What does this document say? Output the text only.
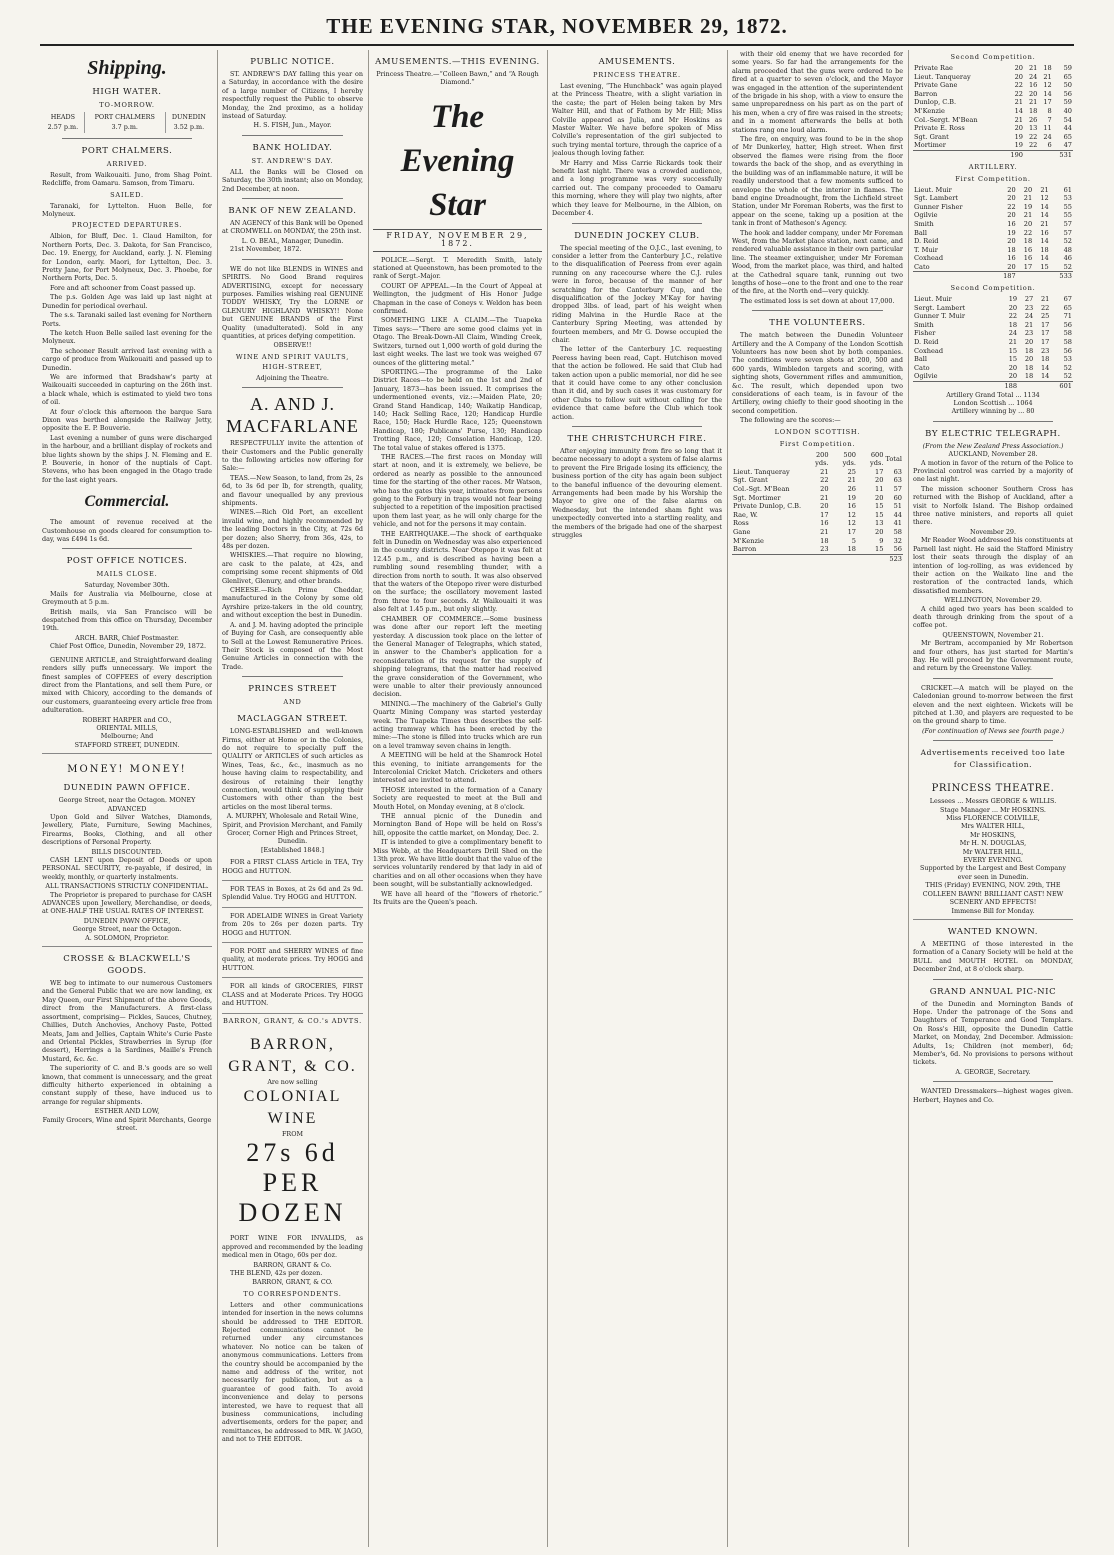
THE EVENING STAR, NOVEMBER 29, 1872.
Shipping.
HIGH WATER.
TO-MORROW.
HEADS	PORT CHALMERS	DUNEDIN
2.57 p.m.	3.7 p.m.	3.52 p.m.
PORT CHALMERS.
ARRIVED.

Result, from Waikouaiti. Juno, from Shag Point. Redcliffe, from Oamaru. Samson, from Timaru.

SAILED.

Taranaki, for Lyttelton. Huon Belle, for Molyneux.

PROJECTED DEPARTURES.

Albion, for Bluff, Dec. 1. Claud Hamilton, for Northern Ports, Dec. 3. Dakota, for San Francisco, Dec. 19. Energy, for Auckland, early. J. N. Fleming for London, early. Maori, for Lyttelton, Dec. 3. Pretty Jane, for Port Molyneux, Dec. 3. Phoebe, for Northern Ports, Dec. 5.

Fore and aft schooner from Coast passed up.

The p.s. Golden Age was laid up last night at Dunedin for periodical overhaul.

The s.s. Taranaki sailed last evening for Northern Ports.

The ketch Huon Belle sailed last evening for the Molyneux.

The schooner Result arrived last evening with a cargo of produce from Waikouaiti and passed up to Dunedin.

We are informed that Bradshaw's party at Waikouaiti succeeded in capturing on the 26th inst. a black whale, which is estimated to yield two tons of oil.

At four o'clock this afternoon the barque Sara Dixon was berthed alongside the Railway Jetty, opposite the E. P. Bouverie.

Last evening a number of guns were discharged in the harbour, and a brilliant display of rockets and blue lights shown by the ships J. N. Fleming and E. P. Bouverie, in honor of the nuptials of Capt. Stevens, who has been engaged in the Otago trade for the last eight years.

Commercial.

The amount of revenue received at the Customhouse on goods cleared for consumption to-day, was £494 1s 6d.

POST OFFICE NOTICES.
MAILS CLOSE.

Saturday, November 30th.

Mails for Australia via Melbourne, close at Greymouth at 5 p.m.

British mails, via San Francisco will be despatched from this office on Thursday, December 19th.

ARCH. BARR, Chief Postmaster.

Chief Post Office, Dunedin, November 29, 1872.

GENUINE ARTICLE, and Straightforward dealing renders silly puffs unnecessary. We import the finest samples of COFFEES of every description direct from the Plantations, and sell them Pure, or mixed with Chicory, according to the demands of our customers, guaranteeing every article free from adulteration.

ROBERT HARPER and CO.,

ORIENTAL MILLS,

Melbourne; And

STAFFORD STREET, DUNEDIN.

MONEY! MONEY!
DUNEDIN PAWN OFFICE.

George Street, near the Octagon. MONEY ADVANCED

Upon Gold and Silver Watches, Diamonds, Jewellery, Plate, Furniture, Sewing Machines, Firearms, Books, Clothing, and all other descriptions of Personal Property.

BILLS DISCOUNTED.

CASH LENT upon Deposit of Deeds or upon PERSONAL SECURITY, re-payable, if desired, in weekly, monthly, or quarterly instalments.

ALL TRANSACTIONS STRICTLY CONFIDENTIAL.

The Proprietor is prepared to purchase for CASH ADVANCES upon Jewellery, Merchandise, or deeds, at ONE-HALF THE USUAL RATES OF INTEREST.

DUNEDIN PAWN OFFICE,

George Street, near the Octagon.

A. SOLOMON, Proprietor.

CROSSE & BLACKWELL'S GOODS.

WE beg to intimate to our numerous Customers and the General Public that we are now landing, ex May Queen, our First Shipment of the above Goods, direct from the Manufacturers. A first-class assortment, comprising— Pickles, Sauces, Chutney, Chillies, Dutch Anchovies, Anchovy Paste, Potted Meats, Jam and Jellies, Captain White's Curie Paste and Oriental Pickles, Strawberries in Syrup (for dessert), Herrings a la Sardines, Maille's French Mustard, &c. &c.

The superiority of C. and B.'s goods are so well known, that comment is unnecessary, and the great difficulty hitherto experienced in obtaining a constant supply of these, have induced us to arrange for regular shipments.

ESTHER AND LOW,

Family Grocers, Wine and Spirit Merchants, George street.

PUBLIC NOTICE.

ST. ANDREW'S DAY falling this year on a Saturday, in accordance with the desire of a large number of Citizens, I hereby respectfully request the Public to observe Monday, the 2nd proximo, as a holiday instead of Saturday.

H. S. FISH, Jun., Mayor.

BANK HOLIDAY.
ST. ANDREW'S DAY.

ALL the Banks will be Closed on Saturday, the 30th instant; also on Monday, 2nd December, at noon.

BANK OF NEW ZEALAND.

AN AGENCY of this Bank will be Opened at CROMWELL on MONDAY, the 25th inst.

L. O. BEAL, Manager, Dunedin.

21st November, 1872.

WE do not like BLENDS in WINES and SPIRITS. No Good Brand requires ADVERTISING, except for necessary purposes. Families wishing real GENUINE TODDY WHISKY, Try the LORNE or GLENURY HIGHLAND WHISKY!! None but GENUINE BRANDS of the First Quality (unadulterated). Sold in any quantities, at prices defying competition.

OBSERVE!!

WINE AND SPIRIT VAULTS, HIGH-STREET,

Adjoining the Theatre.

A. AND J. MACFARLANE

RESPECTFULLY invite the attention of their Customers and the Public generally to the following articles now offering for Sale:—

TEAS.—New Season, to land, from 2s, 2s 6d, to 3s 6d per lb, for strength, quality, and flavour unequalled by any previous shipments.

WINES.—Rich Old Port, an excellent invalid wine, and highly recommended by the leading Doctors in the City, at 72s 6d per dozen; also Sherry, from 36s, 42s, to 48s per dozen.

WHISKIES.—That require no blowing, are cask to the palate, at 42s, and comprising some recent shipments of Old Glenlivet, Glenury, and other brands.

CHEESE.—Rich Prime Cheddar, manufactured in the Colony by some old Ayrshire prize-takers in the old country, and without exception the best in Dunedin.

A. and J. M. having adopted the principle of Buying for Cash, are consequently able to Sell at the Lowest Remunerative Prices. Their Stock is composed of the Most Genuine Articles in connection with the Trade.

PRINCES STREET
AND
MACLAGGAN STREET.

LONG-ESTABLISHED and well-known Firms, either at Home or in the Colonies, do not require to specially puff the QUALITY or ARTICLES of such articles as Wines, Teas, &c., &c., inasmuch as no house having claim to respectability, and desirous of retaining their lengthy connection, would think of supplying their Customers with other than the best articles on the most liberal terms.

A. MURPHY, Wholesale and Retail Wine, Spirit, and Provision Merchant, and Family Grocer, Corner High and Princes Street, Dunedin.

[Established 1848.]

FOR a FIRST CLASS Article in TEA, Try HOGG and HUTTON.

FOR TEAS in Boxes, at 2s 6d and 2s 9d. Splendid Value. Try HOGG and HUTTON.

FOR ADELAIDE WINES in Great Variety from 20s to 26s per dozen parts. Try HOGG and HUTTON.

FOR PORT and SHERRY WINES of fine quality, at moderate prices. Try HOGG and HUTTON.

FOR all kinds of GROCERIES, FIRST CLASS and at Moderate Prices. Try HOGG and HUTTON.

BARRON, GRANT, & CO.'s ADVTS.
BARRON, GRANT, & CO.
Are now selling
COLONIAL WINE
FROM
27s 6d PER DOZEN

PORT WINE FOR INVALIDS, as approved and recommended by the leading medical men in Otago, 60s per doz.

BARRON, GRANT & Co.

THE BLEND, 42s per dozen.

BARRON, GRANT, & CO.

TO CORRESPONDENTS.

Letters and other communications intended for insertion in the news columns should be addressed to THE EDITOR. Rejected communications cannot be returned under any circumstances whatever. No notice can be taken of anonymous communications. Letters from the country should be accompanied by the name and address of the writer, not necessarily for publication, but as a guarantee of good faith. To avoid inconvenience and delay to persons interested, we have to request that all business communications, including advertisements, orders for the paper, and remittances, be addressed to MR. W. JAGO, and not to THE EDITOR.

AMUSEMENTS.—THIS EVENING.

Princess Theatre.—“Colleen Bawn,” and “A Rough Diamond.”

The Evening Star
FRIDAY, NOVEMBER 29, 1872.

POLICE.—Sergt. T. Meredith Smith, lately stationed at Queenstown, has been promoted to the rank of Sergt.-Major.

COURT OF APPEAL.—In the Court of Appeal at Wellington, the judgment of His Honor Judge Chapman in the case of Coneys v. Weldon has been confirmed.

SOMETHING LIKE A CLAIM.—The Tuapeka Times says:—“There are some good claims yet in Otago. The Break-Down-All Claim, Winding Creek, Switzers, turned out 1,000 worth of gold during the last eight weeks. The last we took was weighed 67 ounces of the glittering metal.”

SPORTING.—The programme of the Lake District Races—to be held on the 1st and 2nd of January, 1873—has been issued. It comprises the undermentioned events, viz.:—Maiden Plate, 20; Grand Stand Handicap, 140; Waikatip Handicap, 140; Hack Selling Race, 120; Handicap Hurdle Race, 150; Hack Hurdle Race, 125; Queenstown Handicap, 180; Publicans' Purse, 130; Handicap Trotting Race, 120; Consolation Handicap, 120. The total value of stakes offered is 1375.

THE RACES.—The first races on Monday will start at noon, and it is extremely, we believe, be ordered as nearly as possible to the announced time for the starting of the other races. Mr Watson, who has the gates this year, intimates from persons going to the Forbury in traps would not fear being subjected to a repetition of the imposition practised upon them last year, as he will only charge for the vehicle, and not for the persons it may contain.

THE EARTHQUAKE.—The shock of earthquake felt in Dunedin on Wednesday was also experienced in the country districts. Near Otepopo it was felt at 12.45 p.m., and is described as having been a rumbling sound resembling thunder, with a direction from north to south. It was also observed that the waters of the Otepopo river were disturbed on the surface; the oscillatory movement lasted from three to four seconds. At Waikouaiti it was also felt at 1.45 p.m., but only slightly.

CHAMBER OF COMMERCE.—Some business was done after our report left the meeting yesterday. A discussion took place on the letter of the General Manager of Telegraphs, which stated, in answer to the Chamber's application for a reconsideration of its request for the supply of shipping telegrams, that the matter had received the grave consideration of the Government, who were unable to alter their previously announced decision.

MINING.—The machinery of the Gabriel's Gully Quartz Mining Company was started yesterday week. The Tuapeka Times thus describes the self-acting tramway which has been erected by the mine:—The stone is filled into trucks which are run on a level tramway seven chains in length.

A MEETING will be held at the Shamrock Hotel this evening, to initiate arrangements for the Intercolonial Cricket Match. Cricketers and others interested are invited to attend.

THOSE interested in the formation of a Canary Society are requested to meet at the Bull and Mouth Hotel, on Monday evening, at 8 o'clock.

THE annual picnic of the Dunedin and Mornington Band of Hope will be held on Ross's hill, opposite the cattle market, on Monday, Dec. 2.

IT is intended to give a complimentary benefit to Miss Webb, at the Headquarters Drill Shed on the 13th prox. We have little doubt that the value of the services voluntarily rendered by that lady in aid of charities and on all other occasions when they have been sought, will be substantially acknowledged.

WE have all heard of the “flowers of rhetoric.” Its fruits are the Queen's peach.

AMUSEMENTS.
PRINCESS THEATRE.

Last evening, “The Hunchback” was again played at the Princess Theatre, with a slight variation in the caste; the part of Helen being taken by Mrs Walter Hill, and that of Fathom by Mr Hill; Miss Colville appeared as Julia, and Mr Hoskins as Master Walter. We have before spoken of Miss Colville's representation of the girl subjected to such trying mental torture, through the caprice of a jealous though loving father.

Mr Harry and Miss Carrie Rickards took their benefit last night. There was a crowded audience, and a long programme was very successfully carried out. The company proceeded to Oamaru this morning, where they will play two nights, after which they leave for Melbourne, in the Albion, on December 4.

DUNEDIN JOCKEY CLUB.

The special meeting of the O.J.C., last evening, to consider a letter from the Canterbury J.C., relative to the disqualification of Peeress from ever again running on any racecourse where the C.J. rules were in force, because of the manner of her scratching for the Canterbury Cup, and the disqualification of the Jockey M'Kay for having dropped 3lbs. of lead, part of his weight when riding Malvina in the Hurdle Race at the Canterbury Spring Meeting, was attended by fourteen members, and Mr G. Dowse occupied the chair.

The letter of the Canterbury J.C. requesting Peeress having been read, Capt. Hutchison moved that the action be followed. He said that Club had taken action upon a public memorial, nor did he see that it could have come to any other conclusion than it did, and by such cases it was customary for other Clubs to follow suit without calling for the evidence that came before the Club which took action.

THE CHRISTCHURCH FIRE.

After enjoying immunity from fire so long that it became necessary to adopt a system of false alarms to prevent the Fire Brigade losing its efficiency, the business portion of the city has again been subject to the baneful influence of the devouring element. Arrangements had been made by his Worship the Mayor to give one of the false alarms on Wednesday, but the intended sham fight was unexpectedly converted into a startling reality, and the members of the brigade had one of the sharpest struggles

with their old enemy that we have recorded for some years. So far had the arrangements for the alarm proceeded that the guns were ordered to be fired at a quarter to seven o'clock, and the Mayor was engaged in the attention of the superintendent of the brigade in his shop, with a view to ensure the same unpreparedness on his part as on the part of his men, when a cry of fire was raised in the streets; and in a moment afterwards the bells at both stations rang one loud alarm.

The fire, on enquiry, was found to be in the shop of Mr Dunkerley, hatter, High street. When first observed the flames were rising from the floor towards the back of the shop, and as everything in the building was of an inflammable nature, it will be readily understood that a few moments sufficed to envelope the whole of the interior in flames. The band engine Dreadnought, from the Lichfield street Station, under Mr Foreman Roberts, was the first to appear on the scene, taking up a position at the tank in front of Matheson's Agency.

The hook and ladder company, under Mr Foreman West, from the Market place station, next came, and rendered valuable assistance in their own particular line. The steamer extinguisher, under Mr Foreman Wood, from the market place, was third, and halted at the Cathedral square tank, running out two lengths of hose—one to the front and one to the rear of the fire, at the North end—very quickly.

The estimated loss is set down at about 17,000.

THE VOLUNTEERS.

The match between the Dunedin Volunteer Artillery and the A Company of the London Scottish Volunteers has now been shot by both companies. The conditions were seven shots at 200, 500 and 600 yards, Wimbledon targets and scoring, with sighting shots, Government rifles and ammunition, &c. The result, which depended upon two considerations of each team, is in favour of the Artillery, owing chiefly to their good shooting in the second competition.

The following are the scores:—

LONDON SCOTTISH.
First Competition.
	200 yds.	500 yds.	600 yds.	Total
Lieut. Tanqueray	21	25	17	63
Sgt. Grant	22	21	20	63
Col.-Sgt. M'Bean	20	26	11	57
Sgt. Mortimer	21	19	20	60
Private Dunlop, C.B.	20	16	15	51
Rae, W.	17	12	15	44
Ross	16	12	13	41
Gane	21	17	20	58
M'Kenzie	18	5	9	32
Barron	23	18	15	56
				523
Second Competition.
Private Rae	20	21	18	59
Lieut. Tanqueray	20	24	21	65
Private Gane	22	16	12	50
Barron	22	20	14	56
Dunlop, C.B.	21	21	17	59
M'Kenzie	14	18	8	40
Col.-Sergt. M'Bean	21	26	7	54
Private E. Ross	20	13	11	44
Sgt. Grant	19	22	24	65
Mortimer	19	22	6	47
	190			531
ARTILLERY.
First Competition.
Lieut. Muir	20	20	21	61
Sgt. Lambert	20	21	12	53
Gunner Fisher	22	19	14	55
Ogilvie	20	21	14	55
Smith	16	20	21	57
Ball	19	22	16	57
D. Reid	20	18	14	52
T. Muir	18	16	18	48
Coxhead	16	16	14	46
Cato	20	17	15	52
	187			533
Second Competition.
Lieut. Muir	19	27	21	67
Sergt. Lambert	20	23	22	65
Gunner T. Muir	22	24	25	71
Smith	18	21	17	56
Fisher	24	23	17	58
D. Reid	21	20	17	58
Coxhead	15	18	23	56
Ball	15	20	18	53
Cato	20	18	14	52
Ogilvie	20	18	14	52
	188			601

Artillery Grand Total ... 1134

London Scottish ... 1064

Artillery winning by ... 80

BY ELECTRIC TELEGRAPH.

(From the New Zealand Press Association.)

AUCKLAND, November 28.

A motion in favor of the return of the Police to Provincial control was carried by a majority of one last night.

The mission schooner Southern Cross has returned with the Bishop of Auckland, after a visit to Norfolk Island. The Bishop ordained three native ministers, and reports all quiet there.

November 29.

Mr Reader Wood addressed his constituents at Parnell last night. He said the Stafford Ministry lost their seats through the display of an intention of log-rolling, as was evidenced by their action on the Waikato line and the restoration of the contracted lands, which dissatisfied members.

WELLINGTON, November 29.

A child aged two years has been scalded to death through drinking from the spout of a coffee pot.

QUEENSTOWN, November 21.

Mr Bertram, accompanied by Mr Robertson and four others, has just started for Martin's Bay. He will proceed by the Government route, and return by the Greenstone Valley.

CRICKET.—A match will be played on the Caledonian ground to-morrow between the first eleven and the next eighteen. Wickets will be pitched at 1.30, and players are requested to be on the ground sharp to time.

(For continuation of News see fourth page.)

Advertisements received too late for Classification.
PRINCESS THEATRE.

Lessees ... Messrs GEORGE & WILLIS.

Stage Manager ... Mr HOSKINS.

Miss FLORENCE COLVILLE,

Mrs WALTER HILL,

Mr HOSKINS,

Mr H. N. DOUGLAS,

Mr WALTER HILL,

EVERY EVENING.

Supported by the Largest and Best Company ever seen in Dunedin.

THIS (Friday) EVENING, NOV. 29th, THE COLLEEN BAWN! BRILLIANT CAST! NEW SCENERY AND EFFECTS!

Immense Bill for Monday.

WANTED KNOWN.

A MEETING of those interested in the formation of a Canary Society will be held at the BULL and MOUTH HOTEL on MONDAY, December 2nd, at 8 o'clock sharp.

GRAND ANNUAL PIC-NIC

of the Dunedin and Mornington Bands of Hope. Under the patronage of the Sons and Daughters of Temperance and Good Templars. On Ross's Hill, opposite the Dunedin Cattle Market, on Monday, 2nd December. Admission: Adults, 1s; Children (not member), 6d; Member's, 6d. No provisions to persons without tickets.

A. GEORGE, Secretary.

WANTED Dressmakers—highest wages given. Herbert, Haynes and Co.
